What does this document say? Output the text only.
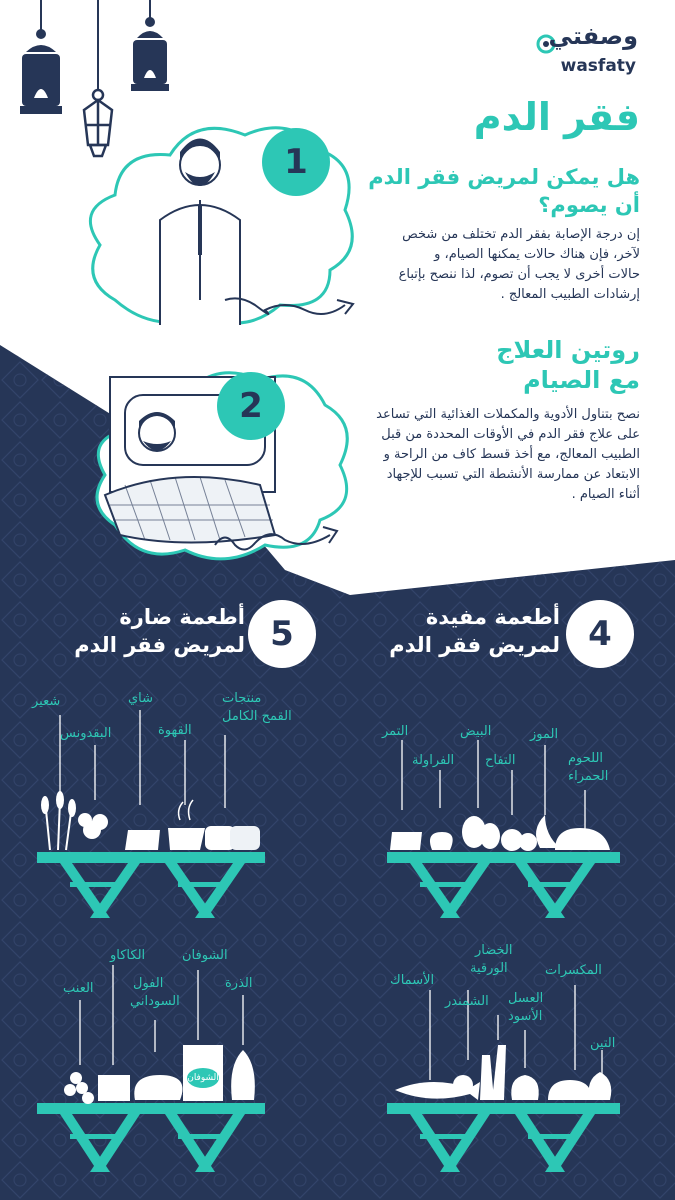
وصفتي
wasfaty
فقر الدم
1	هل يمكن لمريض فقر الدم
أن يصوم؟
إن درجة الإصابة بفقر الدم تختلف من شخص
لآخر، فإن هناك حالات يمكنها الصيام، و
حالات أخرى لا يجب أن تصوم، لذا ننصح بإتباع
إرشادات الطبيب المعالج .
2
روتين العلاج
مع الصيام
نصح بتناول الأدوية والمكملات الغذائية التي تساعد
على علاج فقر الدم في الأوقات المحددة من قبل
الطبيب المعالج، مع أخذ قسط كاف من الراحة و
الابتعاد عن ممارسة الأنشطة التي تسبب للإجهاد
أثناء الصيام .
أطعمة ضارة
لمريض فقر الدم 5	أطعمة مفيدة
لمريض فقر الدم 4
الشوفان
شعير
البقدونس
شاي
القهوة
منتجات
القمح الكامل
التمر
الفراولة
البيض
التفاح
الموز
اللحوم
الحمراء
العنب
الكاكاو
الفول
السوداني
الشوفان
الذرة	الأسماك
الخضار
الورقية
الشمندر العسل
الأسود
المكسرات
التين
